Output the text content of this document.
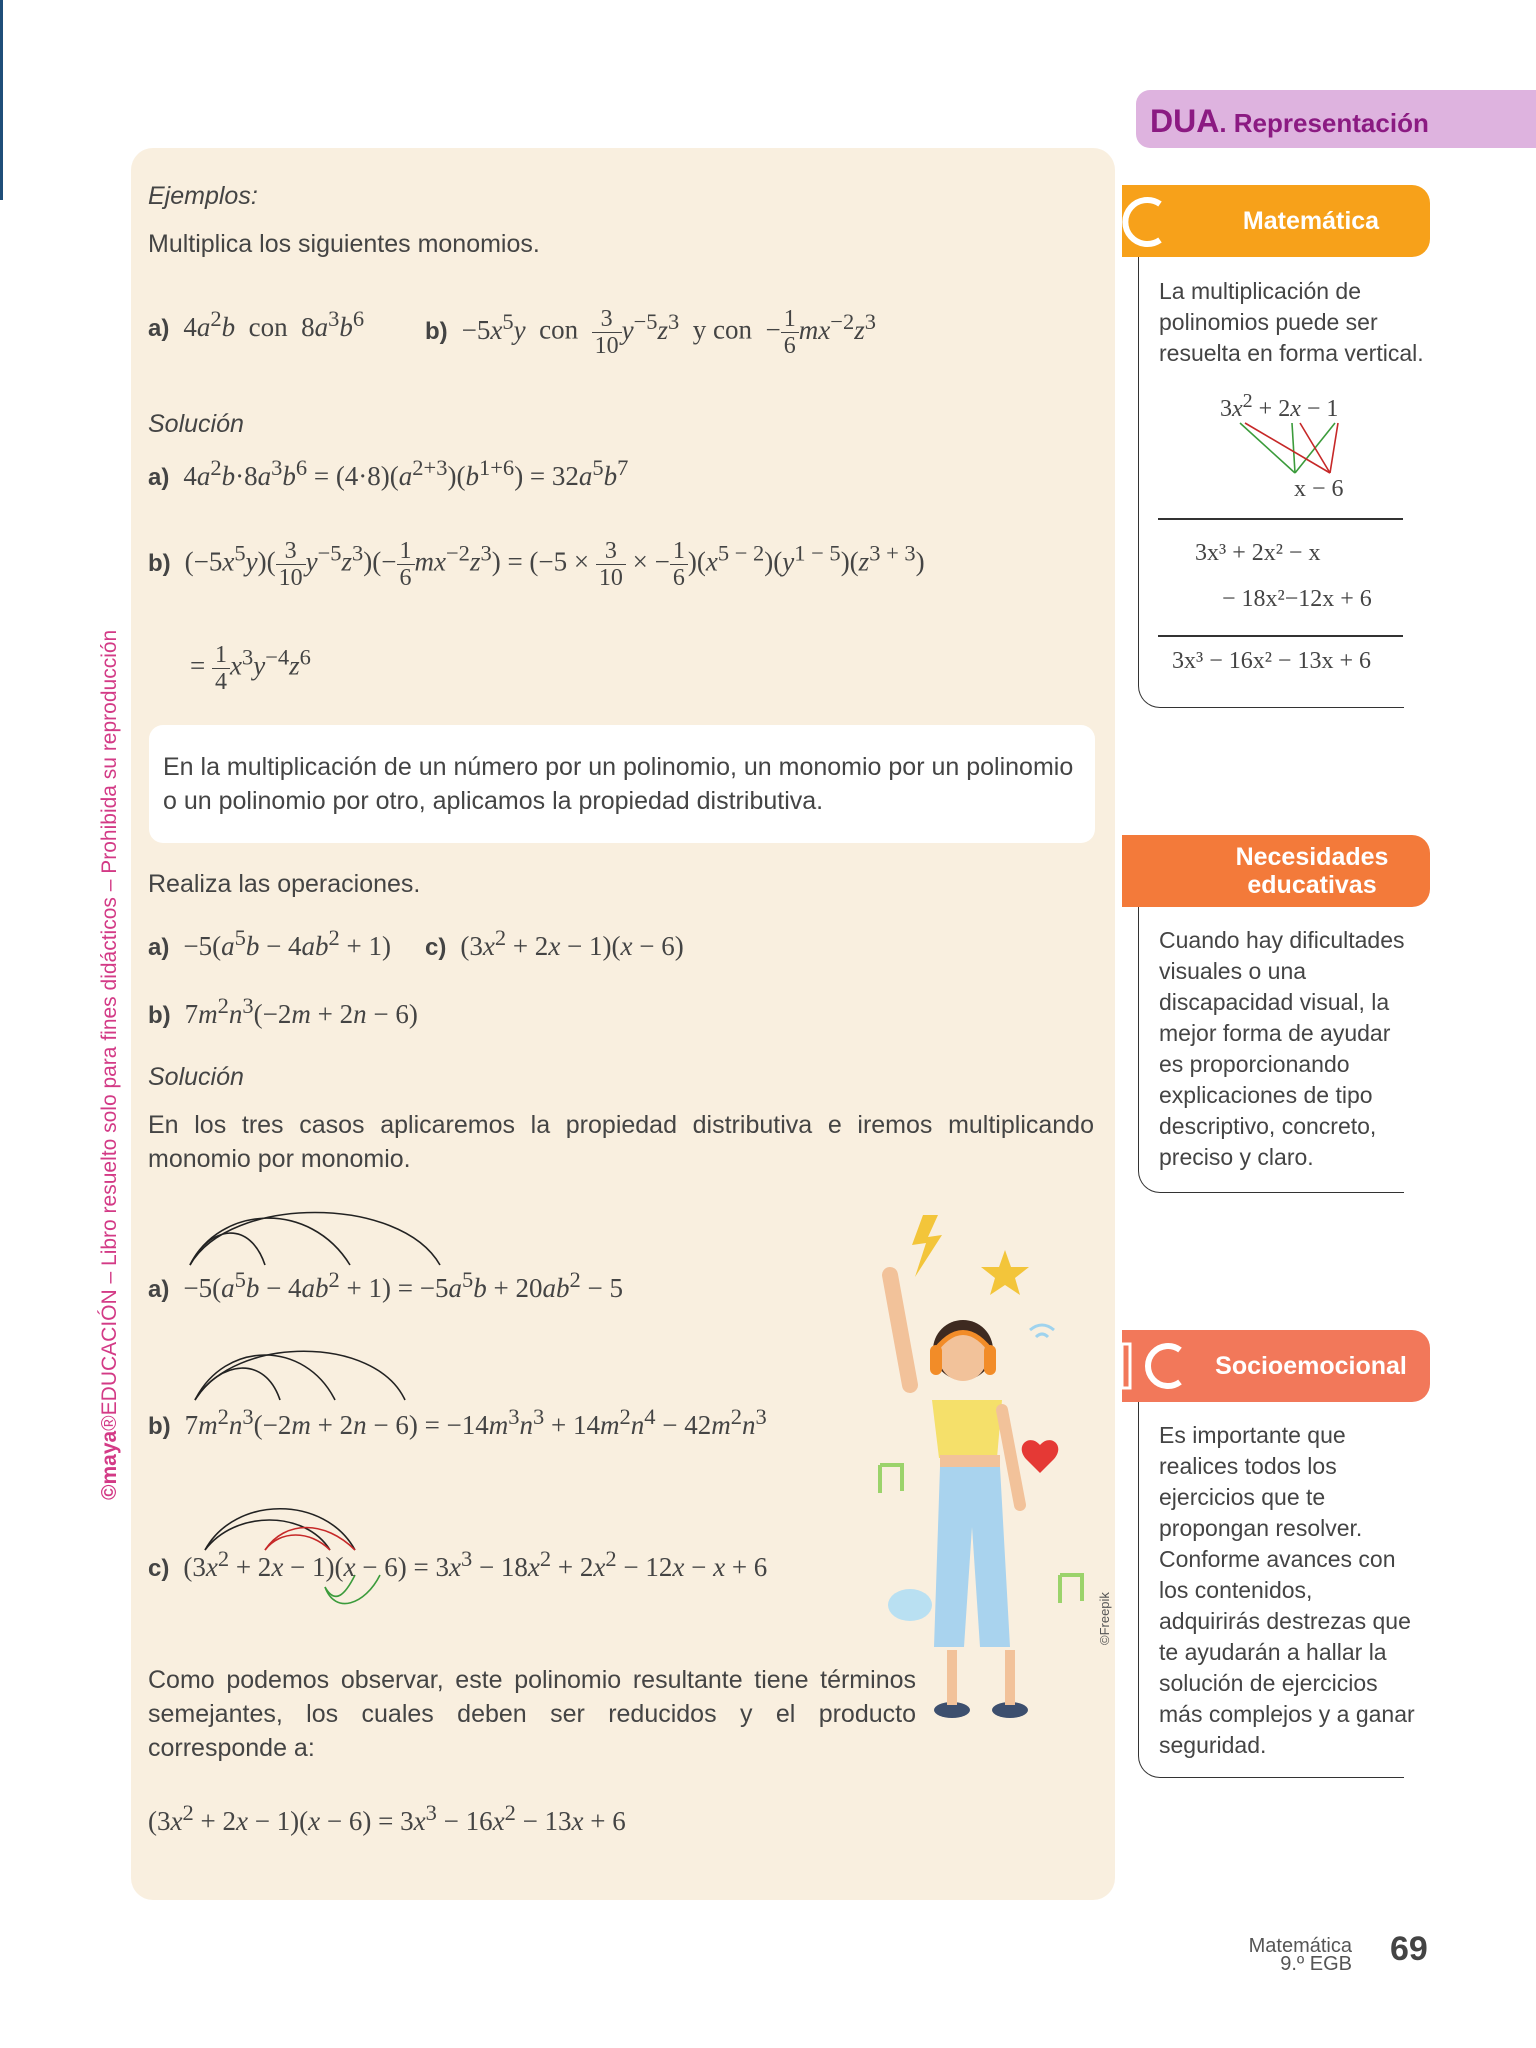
©maya®EDUCACIÓN – Libro resuelto solo para fines didácticos – Prohibida su reproducción
Ejemplos:
Multiplica los siguientes monomios.
a) $4a^2b$ con $8a^3b^6$	$b) -5x^5y$ con $\frac{3}{10} y^{-5}z^3$ y con  − $\frac{1}{6} mx^{-2}z^3$
Solución
a) $4a^2b\cdot 8a^3b^6 = (4\cdot 8)(a^{2+3})(b^{1+6}) = 32a^5b^7$
b) $(-5x^5y)( \frac{3}{10} y^{-5}z^3)(- \frac{1}{6} mx^{-2}z^3) = (-5 \times \frac{3}{10}$ × − $\frac{1}{6} )(x^{5 - 2})(y^{1 - 5})(z^{3 + 3})$
= $\frac{1}{4} x^3y^{-4}z^6$
En la multiplicación de un número por un polinomio, un monomio por un polinomio o un polinomio por otro, aplicamos la propiedad distributiva.
Realiza las operaciones.
$a) -5(a^5b - 4ab^2 + 1)$ c) $(3x^2 + 2x - 1)(x - 6)$
b) $7m^2n^3(-2m + 2n - 6)$
Solución
En los tres casos aplicaremos la propiedad distributiva e iremos multiplicando monomio por monomio.
$a) -5(a^5b - 4ab^2 + 1) = -5a^5b + 20ab^2 - 5$
b) $7m^2n^3(-2m + 2n - 6) = -14m^3n^3 + 14m^2n^4 - 42m^2n^3$
c) $(3x^2 + 2x - 1)(x - 6) = 3x^3 - 18x^2 + 2x^2 - 12x - x + 6$
Como podemos observar, este polinomio resultante tiene términos semejantes, los cuales deben ser reducidos y el producto corresponde a:
$(3x^2 + 2x - 1)(x - 6) = 3x^3 - 16x^2 - 13x + 6$
©Freepik
DUA. Representación
Matemática
La multiplicación de polinomios puede ser resuelta en forma vertical.
$3x^2 + 2x - 1$
x − 6
3x³ + 2x² − x
− 18x²−12x + 6
3x³ − 16x² − 13x + 6
Necesidades educativas
Cuando hay dificultades visuales o una discapacidad visual, la mejor forma de ayudar es proporcionando explicaciones de tipo descriptivo, concreto, preciso y claro.
Socioemocional
Es importante que realices todos los ejercicios que te propongan resolver. Conforme avances con los contenidos, adquirirás destrezas que te ayudarán a hallar la solución de ejercicios más complejos y a ganar seguridad.
Matemática
9.º EGB 69
